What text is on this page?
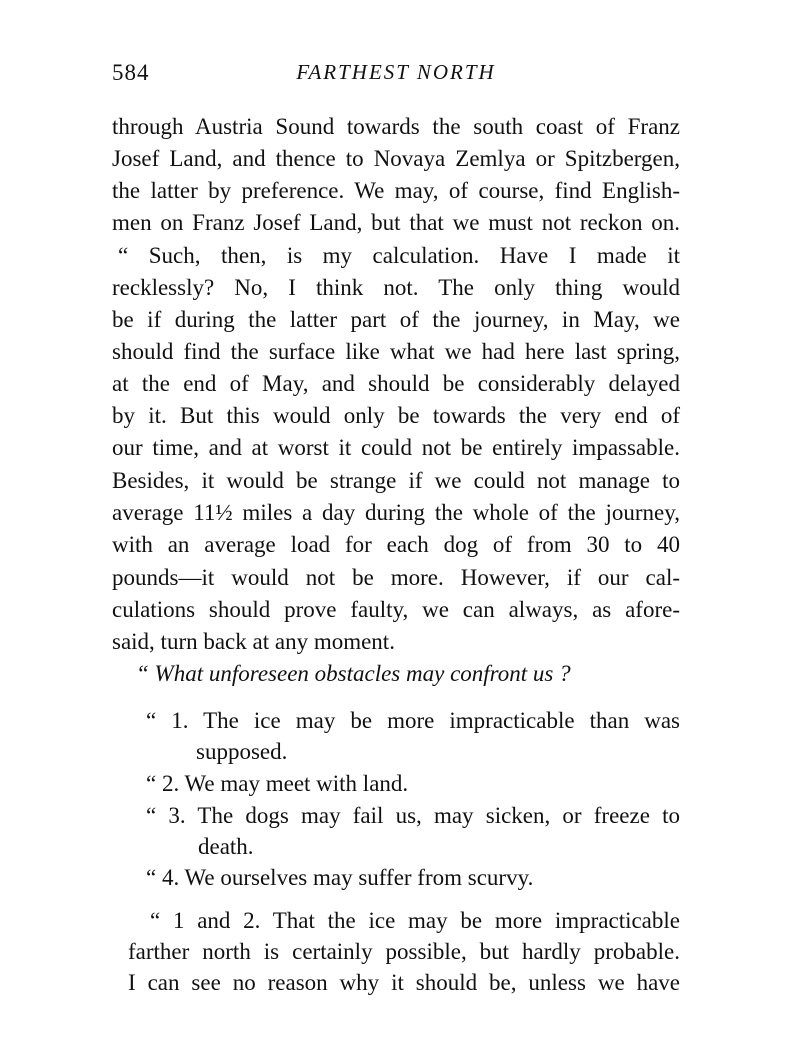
584	FARTHEST NORTH
through Austria Sound towards the south coast of Franz
Josef Land, and thence to Novaya Zemlya or Spitzbergen,
the latter by preference. We may, of course, find English-
men on Franz Josef Land, but that we must not reckon on.
“ Such, then, is my calculation. Have I made it
recklessly? No, I think not. The only thing would
be if during the latter part of the journey, in May, we
should find the surface like what we had here last spring,
at the end of May, and should be considerably delayed
by it. But this would only be towards the very end of
our time, and at worst it could not be entirely impassable.
Besides, it would be strange if we could not manage to
average 11½ miles a day during the whole of the journey,
with an average load for each dog of from 30 to 40
pounds—it would not be more. However, if our cal-
culations should prove faulty, we can always, as afore-
said, turn back at any moment.
“ What unforeseen obstacles may confront us ?
“ 1. The ice may be more impracticable than was
supposed.
“ 2. We may meet with land.
“ 3. The dogs may fail us, may sicken, or freeze to
death.
“ 4. We ourselves may suffer from scurvy.
“ 1 and 2. That the ice may be more impracticable
farther north is certainly possible, but hardly probable.
I can see no reason why it should be, unless we have
